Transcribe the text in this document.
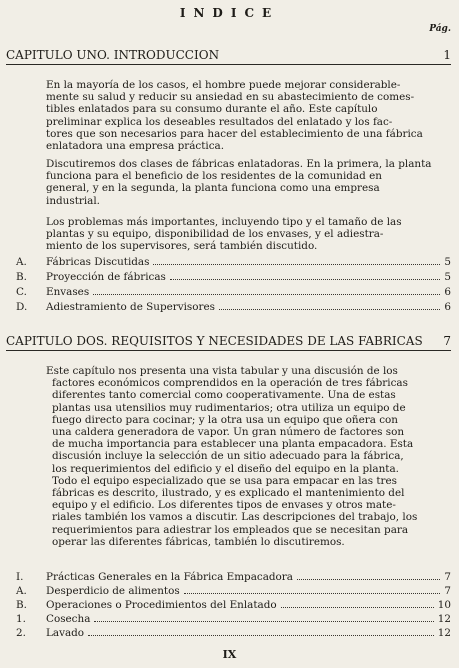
INDICE
Pág.
CAPITULO UNO. INTRODUCCION	1
En la mayoría de los casos, el hombre puede mejorar considerable-
mente su salud y reducir su ansiedad en su abastecimiento de comes-
tibles enlatados para su consumo durante el año. Este capítulo
preliminar explica los deseables resultados del enlatado y los fac-
tores que son necesarios para hacer del establecimiento de una fábrica
enlatadora una empresa práctica.
Discutiremos dos clases de fábricas enlatadoras. En la primera, la planta
funciona para el beneficio de los residentes de la comunidad en
general, y en la segunda, la planta funciona como una empresa
industrial.
Los problemas más importantes, incluyendo tipo y el tamaño de las
plantas y su equipo, disponibilidad de los envases, y el adiestra-
miento de los supervisores, será también discutido.
A.	Fábricas Discutidas	5
B.	Proyección de fábricas	5
C.	Envases	6
D.	Adiestramiento de Supervisores	6
CAPITULO DOS. REQUISITOS Y NECESIDADES DE LAS FABRICAS 7
Este capítulo nos presenta una vista tabular y una discusión de los
factores económicos comprendidos en la operación de tres fábricas
diferentes tanto comercial como cooperativamente. Una de estas
plantas usa utensilios muy rudimentarios; otra utiliza un equipo de
fuego directo para cocinar; y la otra usa un equipo que oñera con
una caldera generadora de vapor. Un gran número de factores son
de mucha importancia para establecer una planta empacadora. Esta
discusión incluye la selección de un sitio adecuado para la fábrica,
los requerimientos del edificio y el diseño del equipo en la planta.
Todo el equipo especializado que se usa para empacar en las tres
fábricas es descrito, ilustrado, y es explicado el mantenimiento del
equipo y el edificio. Los diferentes tipos de envases y otros mate-
riales también los vamos a discutir. Las descripciones del trabajo, los
requerimientos para adiestrar los empleados que se necesitan para
operar las diferentes fábricas, también lo discutiremos.
I.	Prácticas Generales en la Fábrica Empacadora	7
A.	Desperdicio de alimentos	7
B.	Operaciones o Procedimientos del Enlatado	10
1.	Cosecha	12
2.	Lavado	12
IX
